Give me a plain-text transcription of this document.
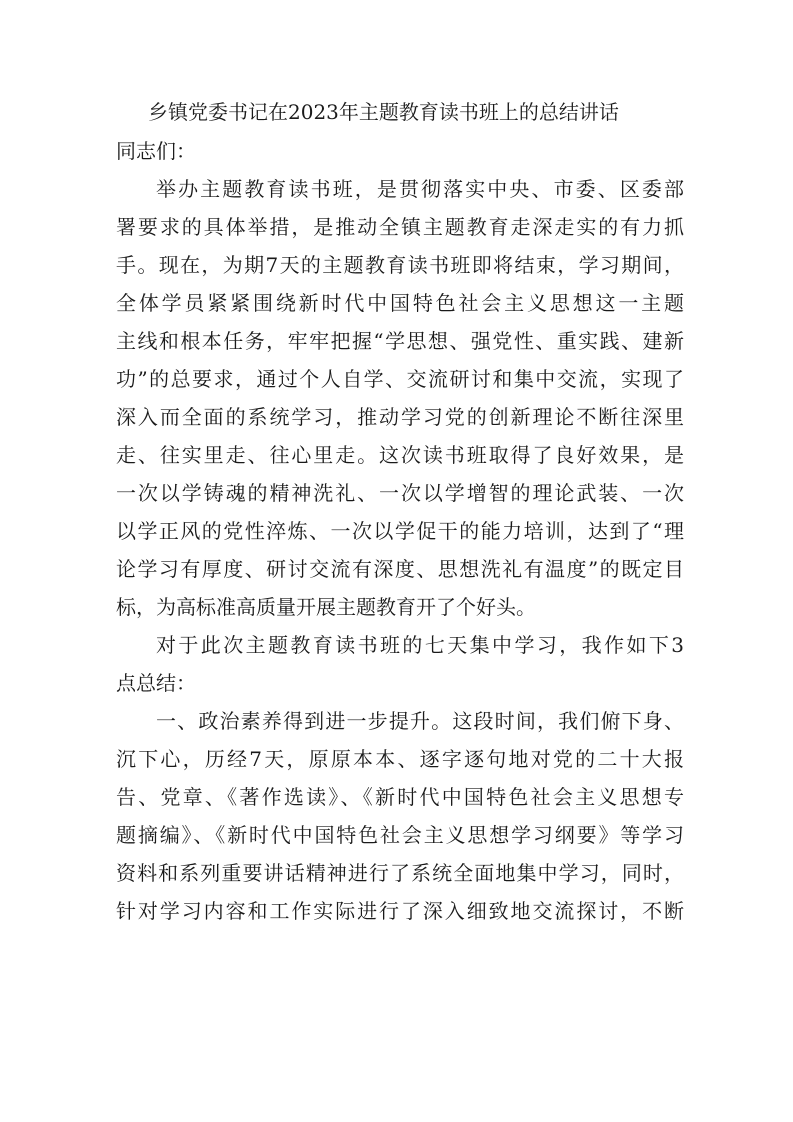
乡镇党委书记在2023年主题教育读书班上的总结讲话
同志们：
举办主题教育读书班，是贯彻落实中央、市委、区委部
署要求的具体举措，是推动全镇主题教育走深走实的有力抓
手。现在，为期7天的主题教育读书班即将结束，学习期间，
全体学员紧紧围绕新时代中国特色社会主义思想这一主题
主线和根本任务，牢牢把握“学思想、强党性、重实践、建新
功”的总要求，通过个人自学、交流研讨和集中交流，实现了
深入而全面的系统学习，推动学习党的创新理论不断往深里
走、往实里走、往心里走。这次读书班取得了良好效果，是
一次以学铸魂的精神洗礼、一次以学增智的理论武装、一次
以学正风的党性淬炼、一次以学促干的能力培训，达到了“理
论学习有厚度、研讨交流有深度、思想洗礼有温度”的既定目
标，为高标准高质量开展主题教育开了个好头。
对于此次主题教育读书班的七天集中学习，我作如下3
点总结：
一、政治素养得到进一步提升。这段时间，我们俯下身、
沉下心，历经7天，原原本本、逐字逐句地对党的二十大报
告、党章、《著作选读》、《新时代中国特色社会主义思想专
题摘编》、《新时代中国特色社会主义思想学习纲要》等学习
资料和系列重要讲话精神进行了系统全面地集中学习，同时，
针对学习内容和工作实际进行了深入细致地交流探讨，不断
